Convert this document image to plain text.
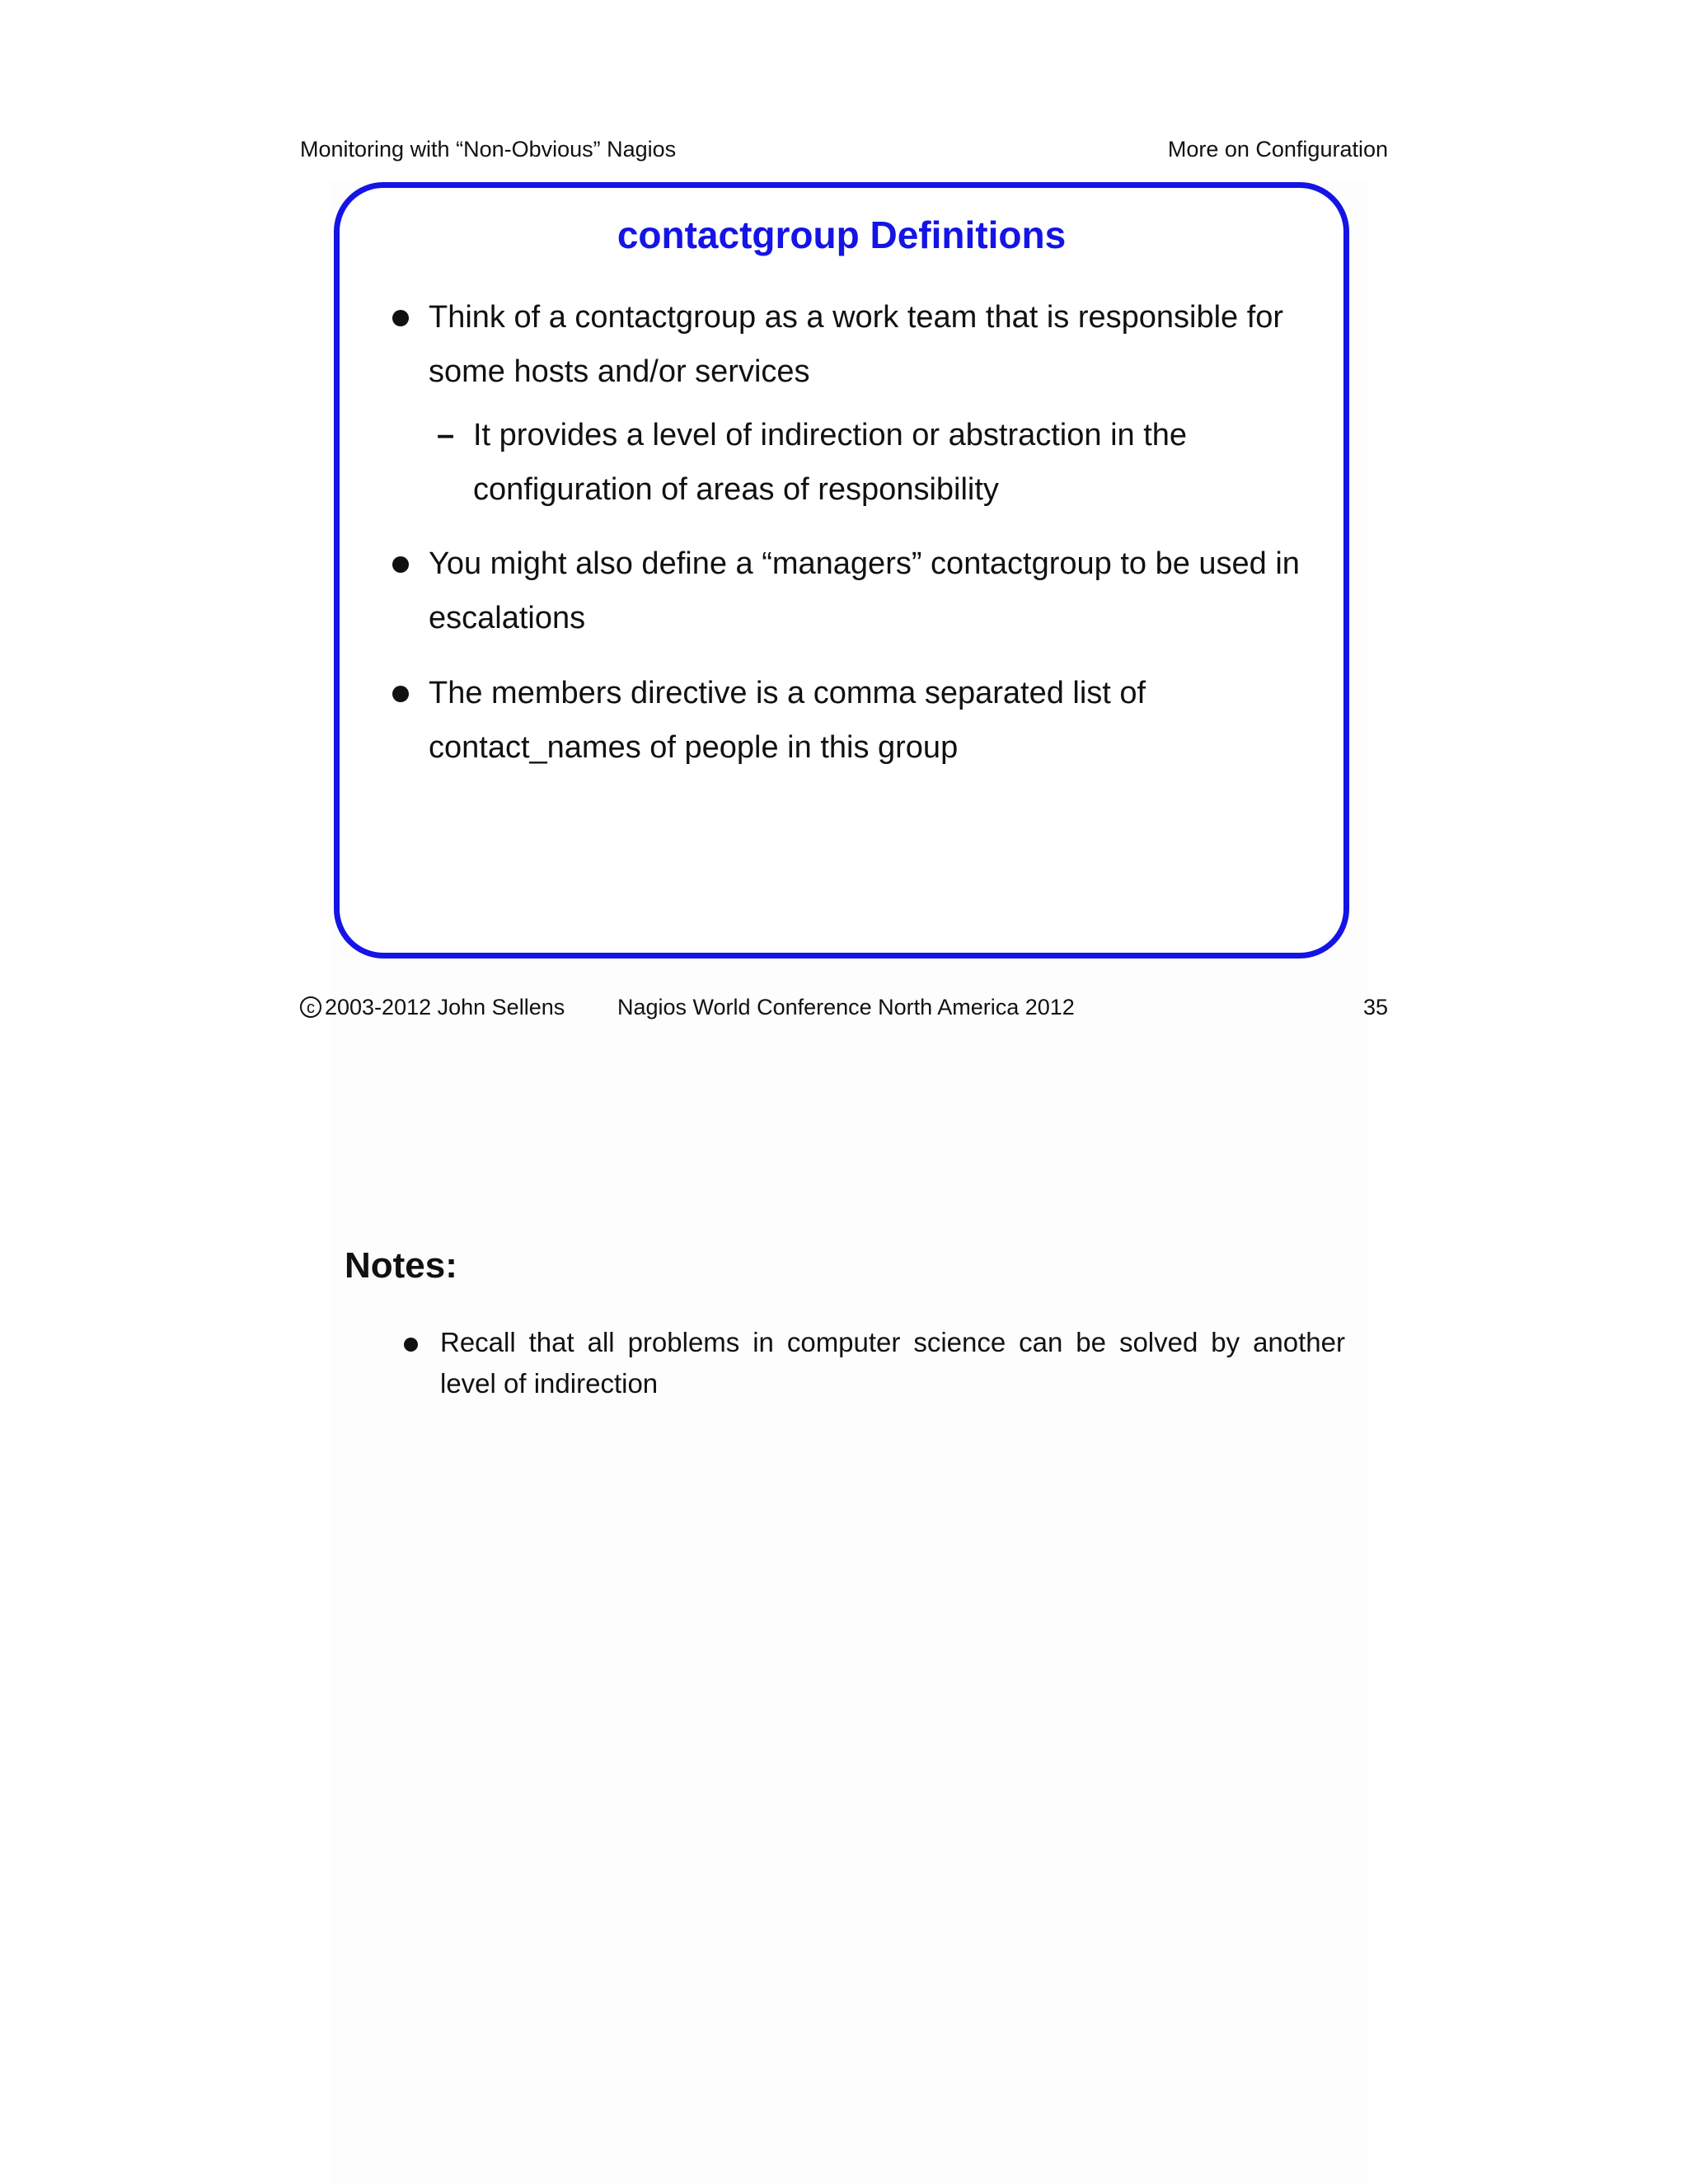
Monitoring with “Non-Obvious” Nagios	More on Configuration
contactgroup Definitions
Think of a contactgroup as a work team that is responsible for
some hosts and/or services
– It provides a level of indirection or abstraction in the
configuration of areas of responsibility
You might also define a “managers” contactgroup to be used in
escalations
The members directive is a comma separated list of
contact_names of people in this group
c 2003-2012 John Sellens Nagios World Conference North America 2012	35
Notes:
Recall that all problems in computer science can be solved by another level of indirection
